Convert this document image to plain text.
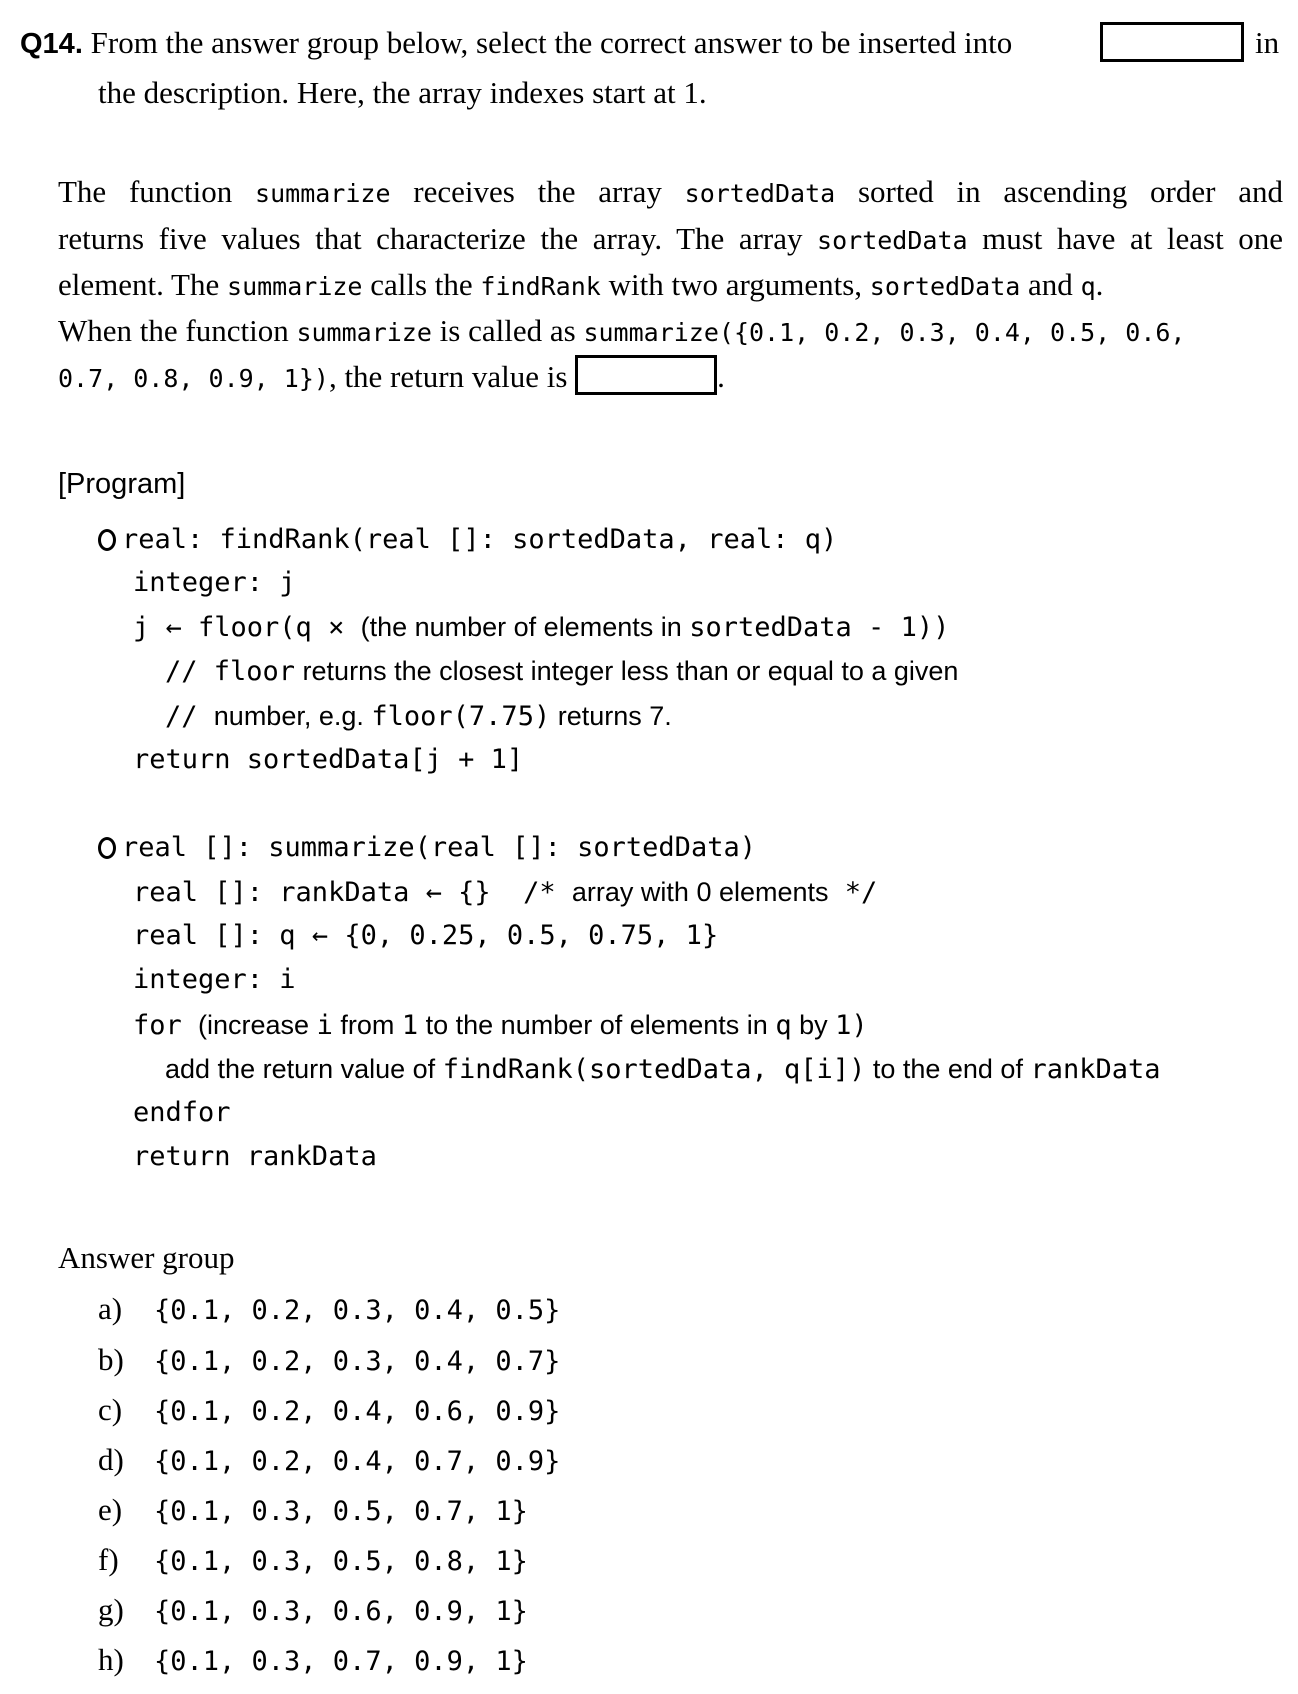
Q14. From the answer group below, select the correct answer to be inserted into	in
the description. Here, the array indexes start at 1.
The function summarize receives the array sortedData sorted in ascending order and
returns five values that characterize the array. The array sortedData must have at least one
element. The summarize calls the findRank with two arguments, sortedData and q.
When the function summarize is called as summarize({0.1, 0.2, 0.3, 0.4, 0.5, 0.6,
0.7, 0.8, 0.9, 1}), the return value is	.
[Program]
real: findRank(real []: sortedData, real: q)
integer: j
j ← floor(q × (the number of elements in sortedData - 1))
// floor returns the closest integer less than or equal to a given
// number, e.g. floor(7.75) returns 7.
return sortedData[j + 1]
real []: summarize(real []: sortedData)
real []: rankData ← {}  /* array with 0 elements */
real []: q ← {0, 0.25, 0.5, 0.75, 1}
integer: i
for (increase i from 1 to the number of elements in q by 1)
add the return value of findRank(sortedData, q[i]) to the end of rankData
endfor
return rankData
Answer group
a) {0.1, 0.2, 0.3, 0.4, 0.5}
b) {0.1, 0.2, 0.3, 0.4, 0.7}
c) {0.1, 0.2, 0.4, 0.6, 0.9}
d) {0.1, 0.2, 0.4, 0.7, 0.9}
e) {0.1, 0.3, 0.5, 0.7, 1}
f) {0.1, 0.3, 0.5, 0.8, 1}
g) {0.1, 0.3, 0.6, 0.9, 1}
h) {0.1, 0.3, 0.7, 0.9, 1}
